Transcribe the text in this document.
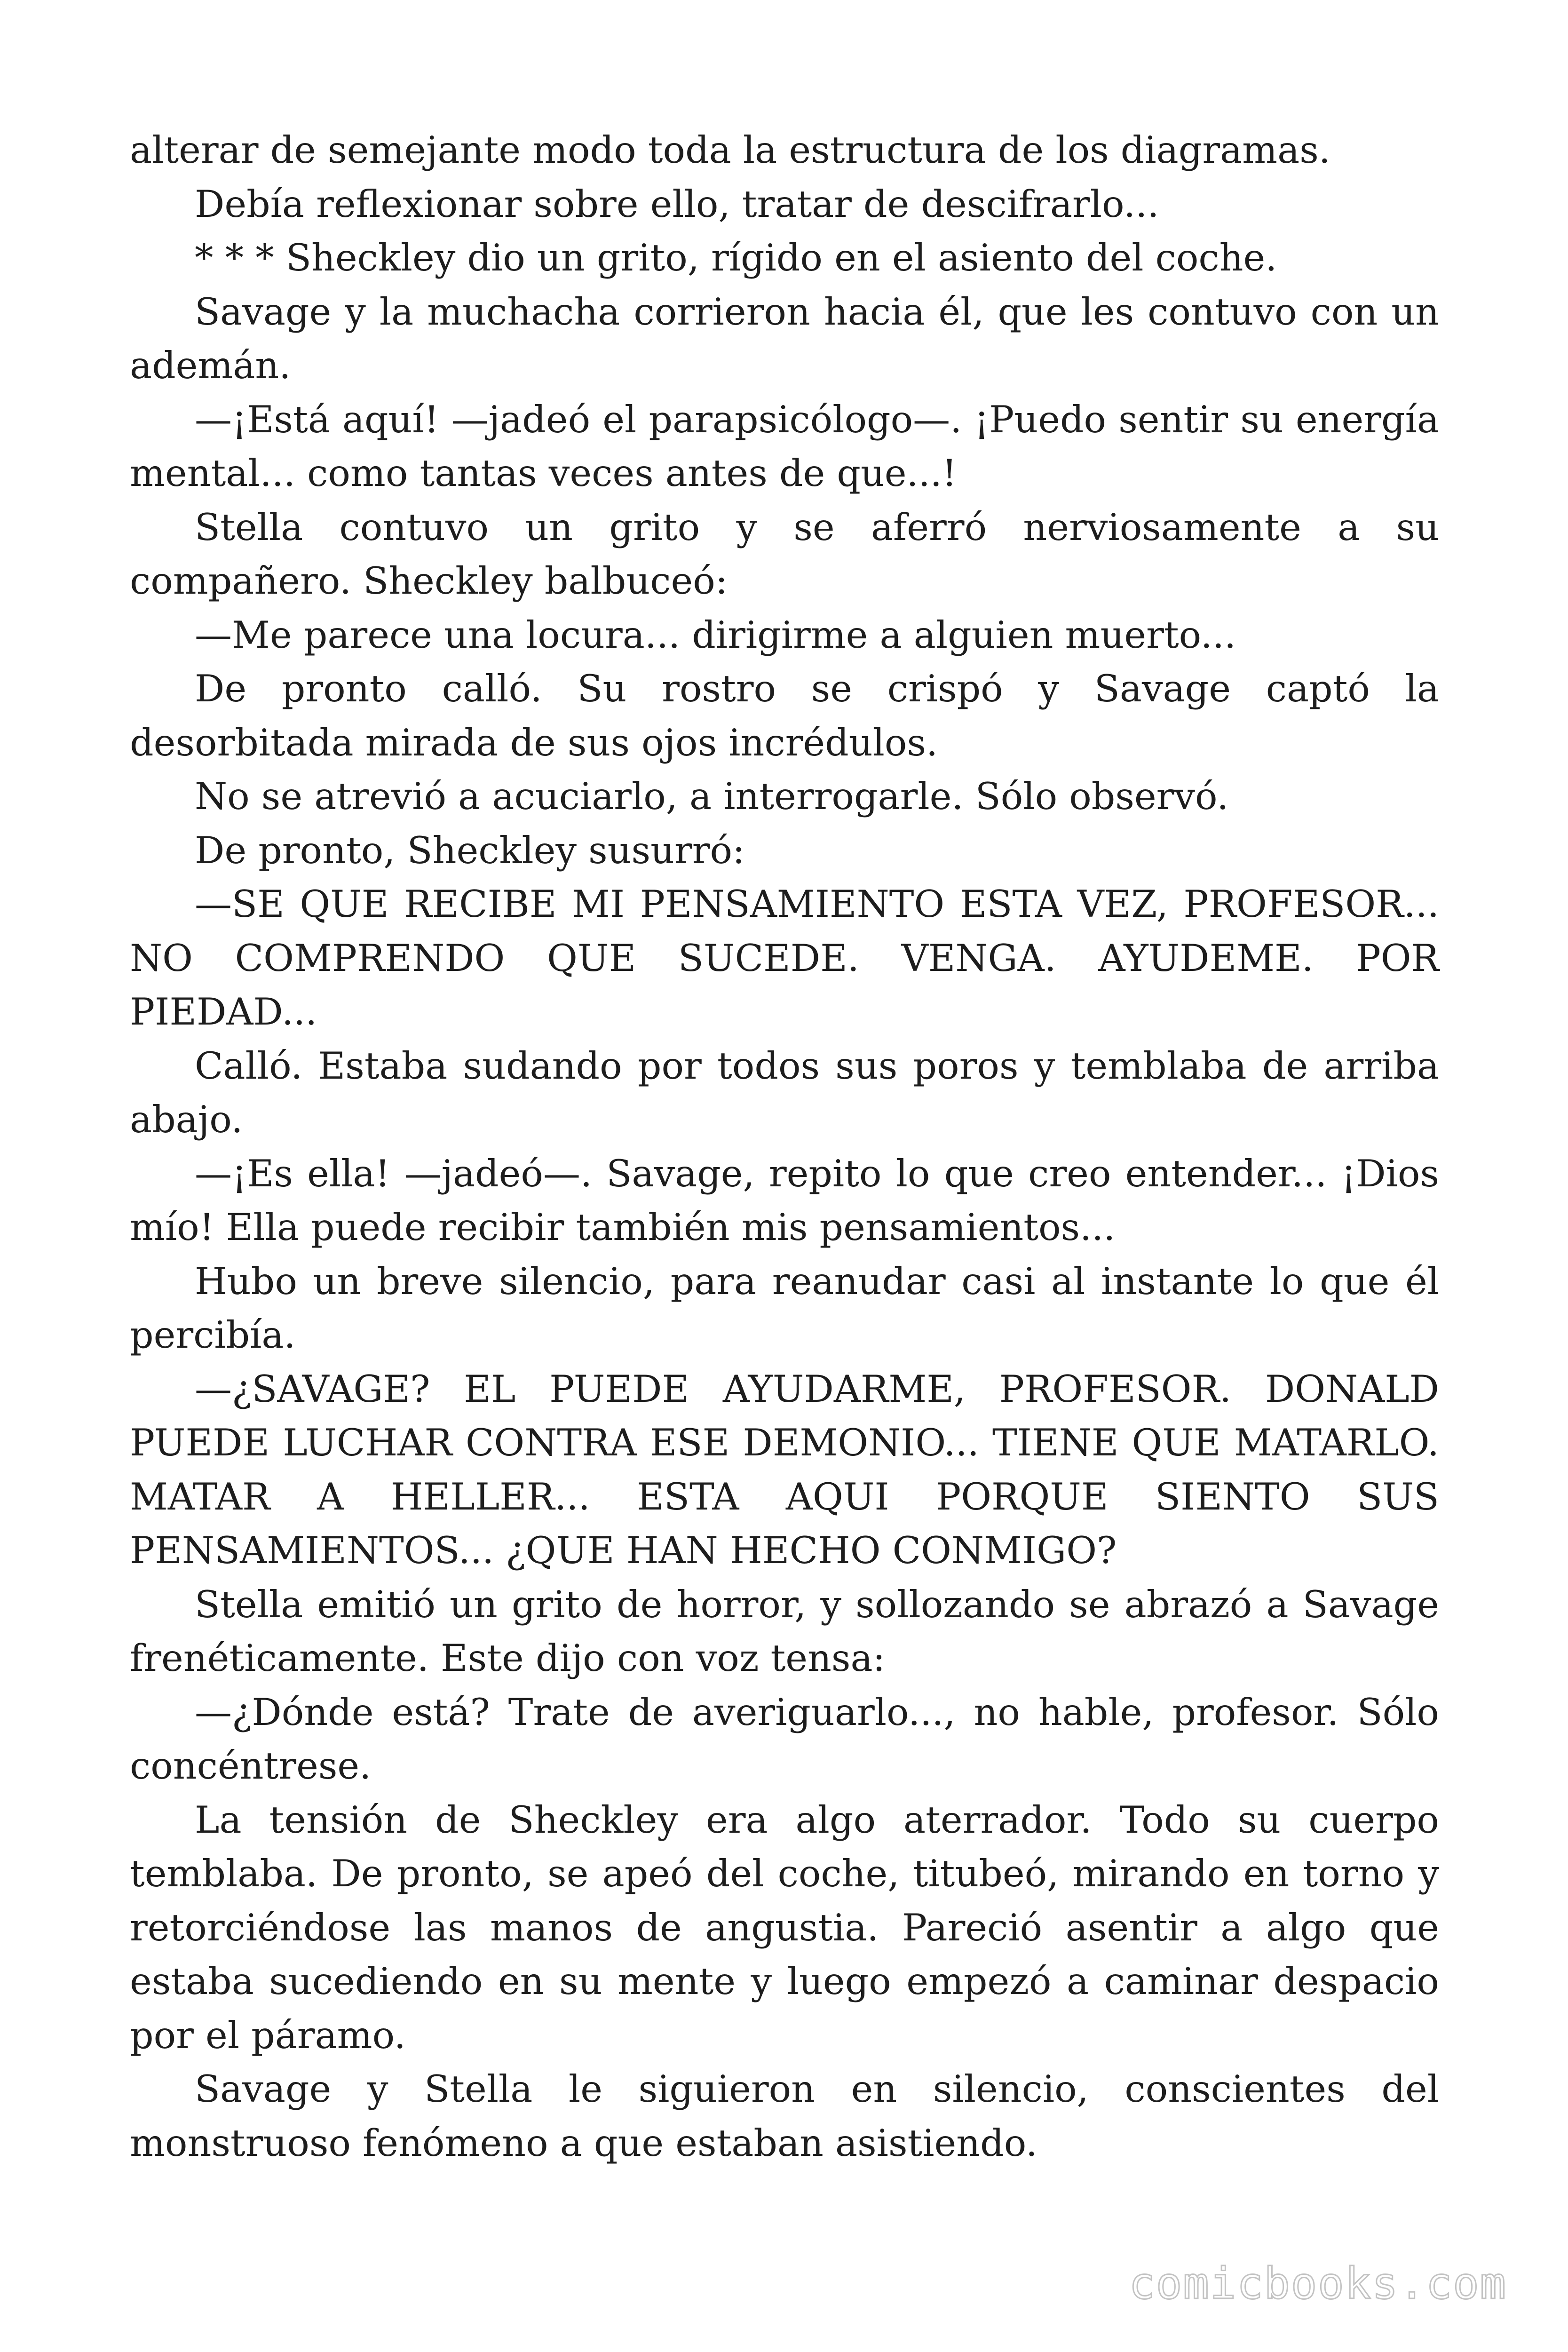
alterar de semejante modo toda la estructura de los diagramas.

Debía reflexionar sobre ello, tratar de descifrarlo...

* * * Sheckley dio un grito, rígido en el asiento del coche.

Savage y la muchacha corrieron hacia él, que les contuvo con un ademán.

—¡Está aquí! —jadeó el parapsicólogo—. ¡Puedo sentir su energía mental... como tantas veces antes de que...!

Stella contuvo un grito y se aferró nerviosamente a su compañero. Sheckley balbuceó:

—Me parece una locura... dirigirme a alguien muerto...

De pronto calló. Su rostro se crispó y Savage captó la desorbitada mirada de sus ojos incrédulos.

No se atrevió a acuciarlo, a interrogarle. Sólo observó.

De pronto, Sheckley susurró:

—SE QUE RECIBE MI PENSAMIENTO ESTA VEZ, PROFESOR... NO COMPRENDO QUE SUCEDE. VENGA. AYUDEME. POR PIEDAD...

Calló. Estaba sudando por todos sus poros y temblaba de arriba abajo.

—¡Es ella! —jadeó—. Savage, repito lo que creo entender... ¡Dios mío! Ella puede recibir también mis pensamientos...

Hubo un breve silencio, para reanudar casi al instante lo que él percibía.

—¿SAVAGE? EL PUEDE AYUDARME, PROFESOR. DONALD PUEDE LUCHAR CONTRA ESE DEMONIO... TIENE QUE MATARLO. MATAR A HELLER... ESTA AQUI PORQUE SIENTO SUS PENSAMIENTOS... ¿QUE HAN HECHO CONMIGO?

Stella emitió un grito de horror, y sollozando se abrazó a Savage frenéticamente. Este dijo con voz tensa:

—¿Dónde está? Trate de averiguarlo..., no hable, profesor. Sólo concéntrese.

La tensión de Sheckley era algo aterrador. Todo su cuerpo temblaba. De pronto, se apeó del coche, titubeó, mirando en torno y retorciéndose las manos de angustia. Pareció asentir a algo que estaba sucediendo en su mente y luego empezó a caminar despacio por el páramo.

Savage y Stella le siguieron en silencio, conscientes del monstruoso fenómeno a que estaban asistiendo.

comicbooks.com
